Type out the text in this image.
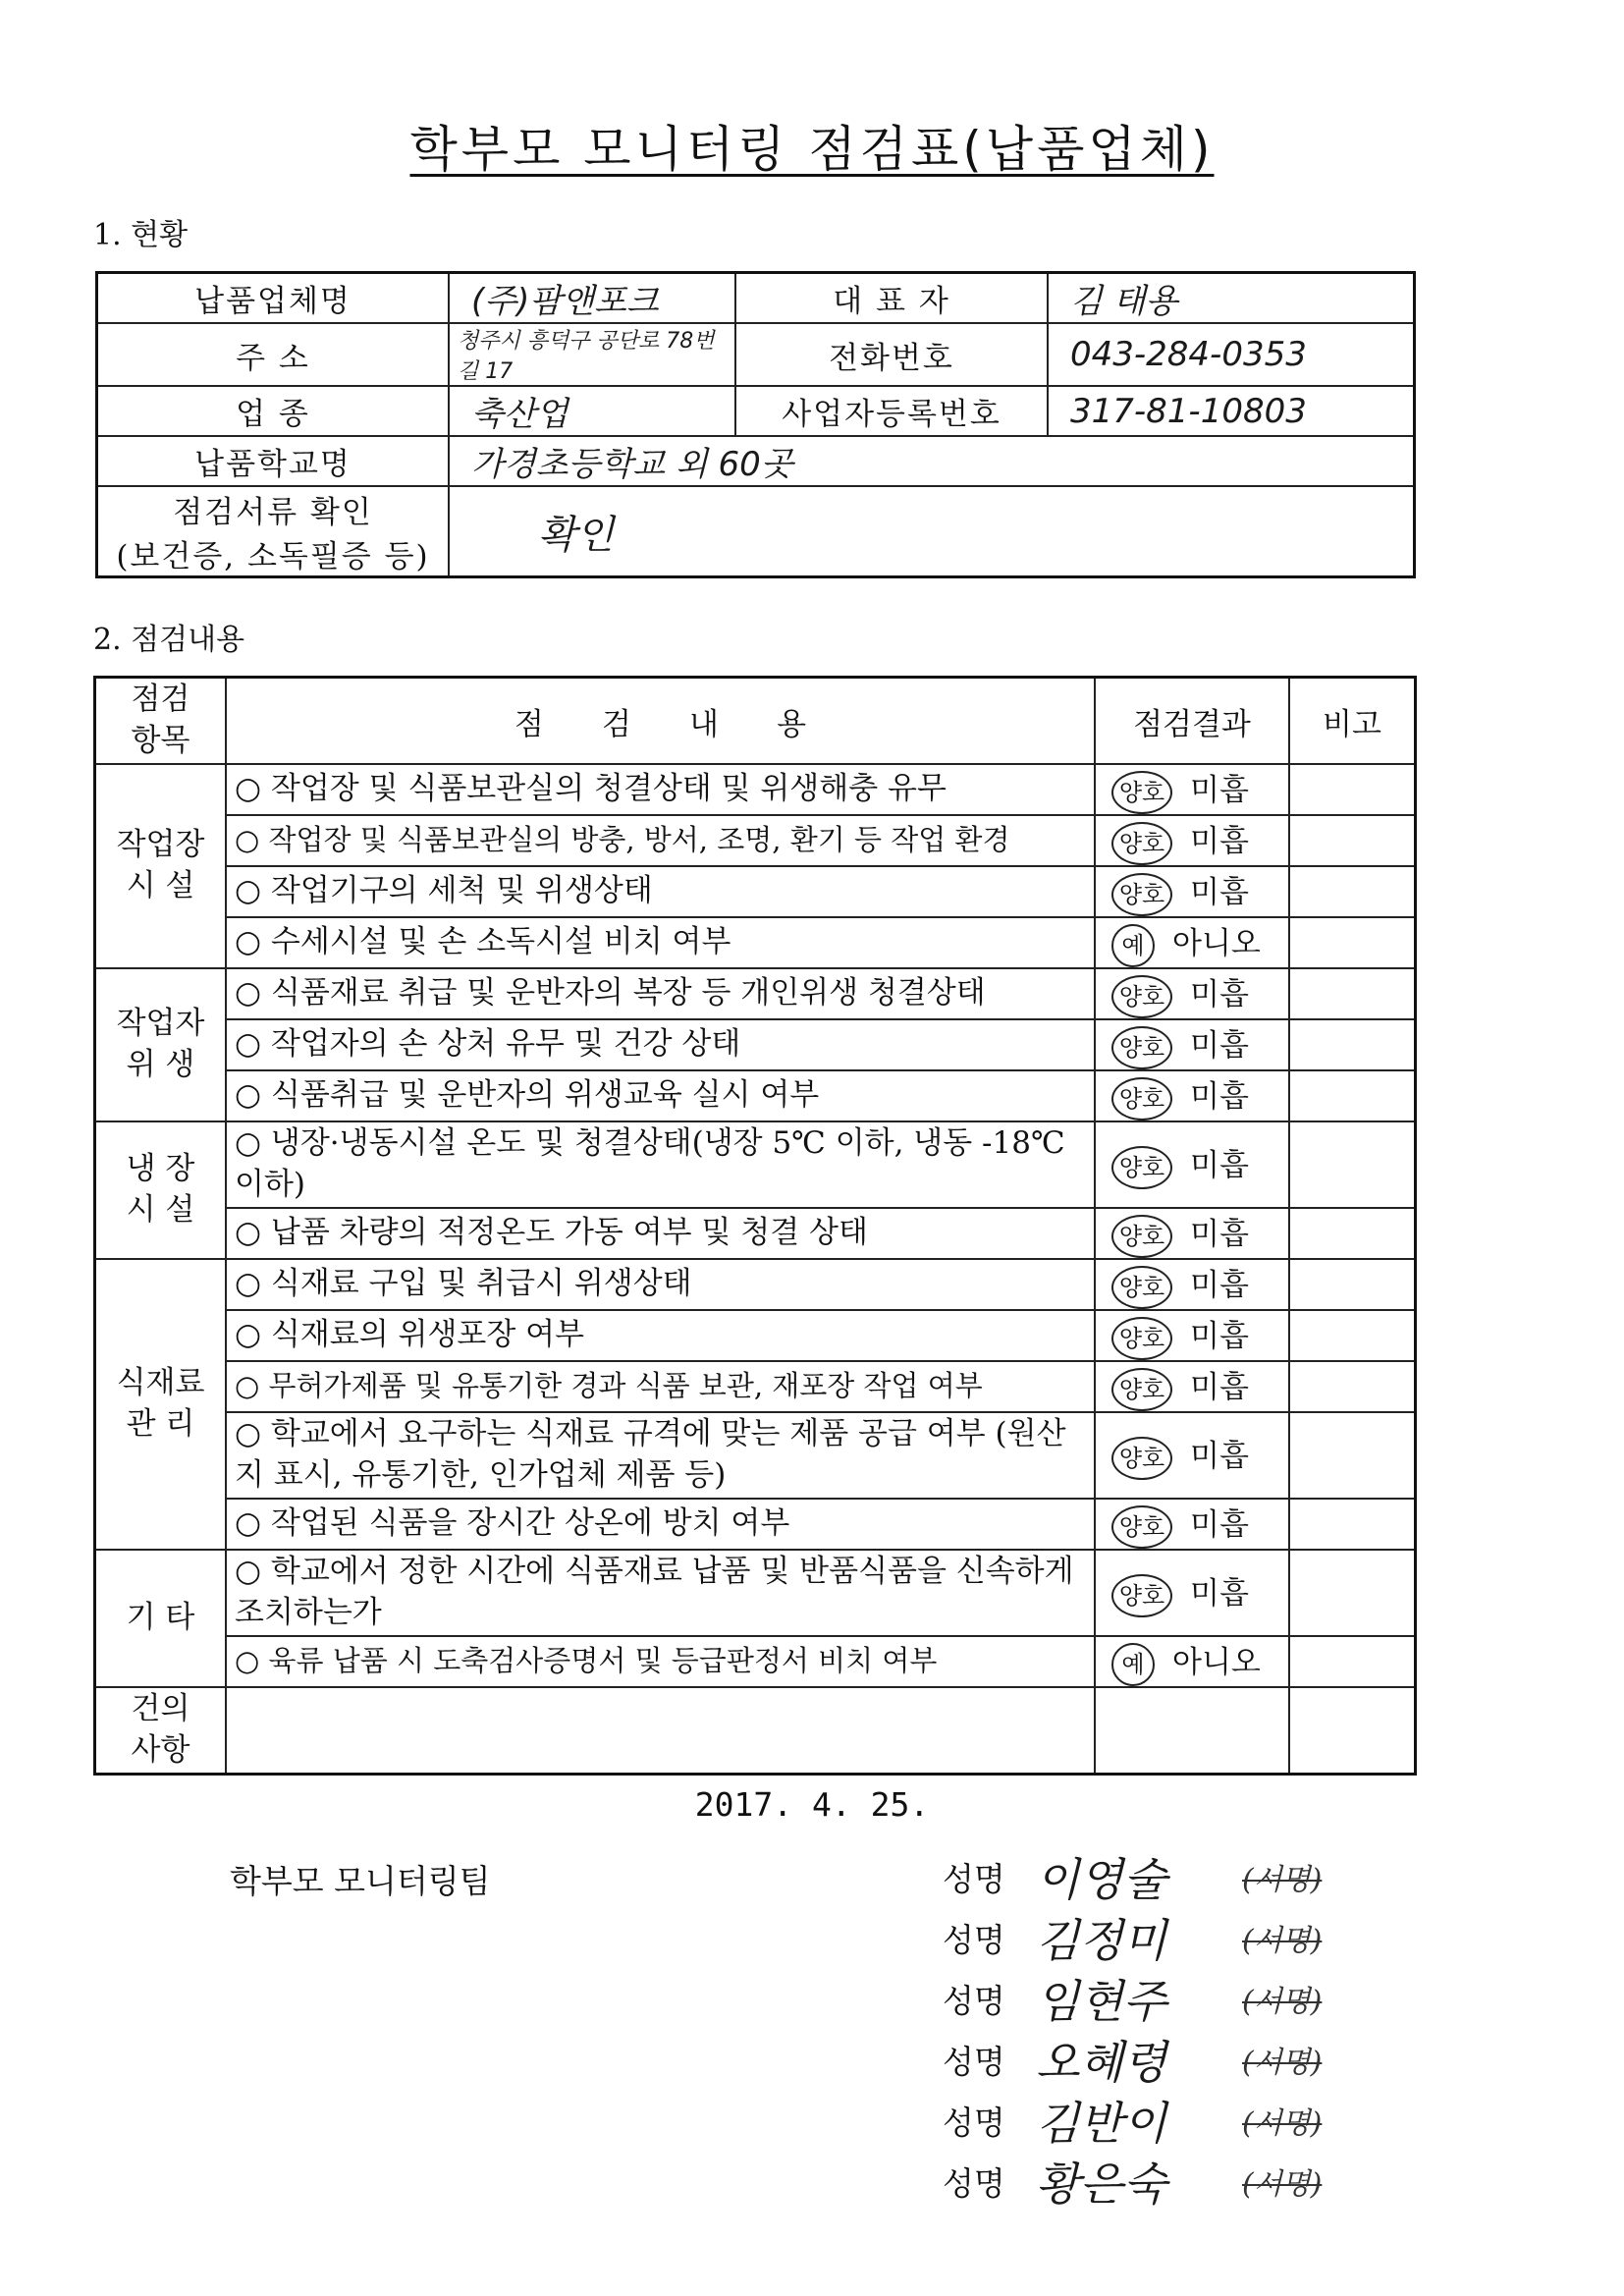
학부모 모니터링 점검표(납품업체)
1. 현황
납품업체명	(주)팜앤포크	대 표 자	김 태용
주 소	청주시 흥덕구 공단로 78번길 17	전화번호	043-284-0353
업 종	축산업	사업자등록번호	317-81-10803
납품학교명	가경초등학교 외 60곳		

점검서류 확인
(보건증, 소독필증 등)	확인		
2. 점검내용
점검
항목	점      검      내      용	점검결과	비고
작업장
시 설	○ 작업장 및 식품보관실의 청결상태 및 위생해충 유무	양호 미흡	
	○ 작업장 및 식품보관실의 방충, 방서, 조명, 환기 등 작업 환경	양호 미흡	
	○ 작업기구의 세척 및 위생상태	양호 미흡	
	○ 수세시설 및 손 소독시설 비치 여부	예 아니오	
작업자
위 생	○ 식품재료 취급 및 운반자의 복장 등 개인위생 청결상태	양호 미흡	
	○ 작업자의 손 상처 유무 및 건강 상태	양호 미흡	
	○ 식품취급 및 운반자의 위생교육 실시 여부	양호 미흡	
냉 장
시 설	○ 냉장·냉동시설 온도 및 청결상태(냉장 5℃ 이하, 냉동 -18℃ 이하)	양호 미흡	
	○ 납품 차량의 적정온도 가동 여부 및 청결 상태	양호 미흡	
식재료
관 리	○ 식재료 구입 및 취급시 위생상태	양호 미흡	
	○ 식재료의 위생포장 여부	양호 미흡	
	○ 무허가제품 및 유통기한 경과 식품 보관, 재포장 작업 여부	양호 미흡	
	○ 학교에서 요구하는 식재료 규격에 맞는 제품 공급 여부 (원산지 표시, 유통기한, 인가업체 제품 등)	양호 미흡	
	○ 작업된 식품을 장시간 상온에 방치 여부	양호 미흡	
기 타	○ 학교에서 정한 시간에 식품재료 납품 및 반품식품을 신속하게 조치하는가	양호 미흡	
	○ 육류 납품 시 도축검사증명서 및 등급판정서 비치 여부	예 아니오	
건의
사항			
2017. 4. 25.
학부모 모니터링팀	성명 이영술	(서명)
성명 김정미	(서명)
성명 임현주	(서명)
성명 오혜령	(서명)
성명 김반이	(서명)
성명 황은숙	(서명)
